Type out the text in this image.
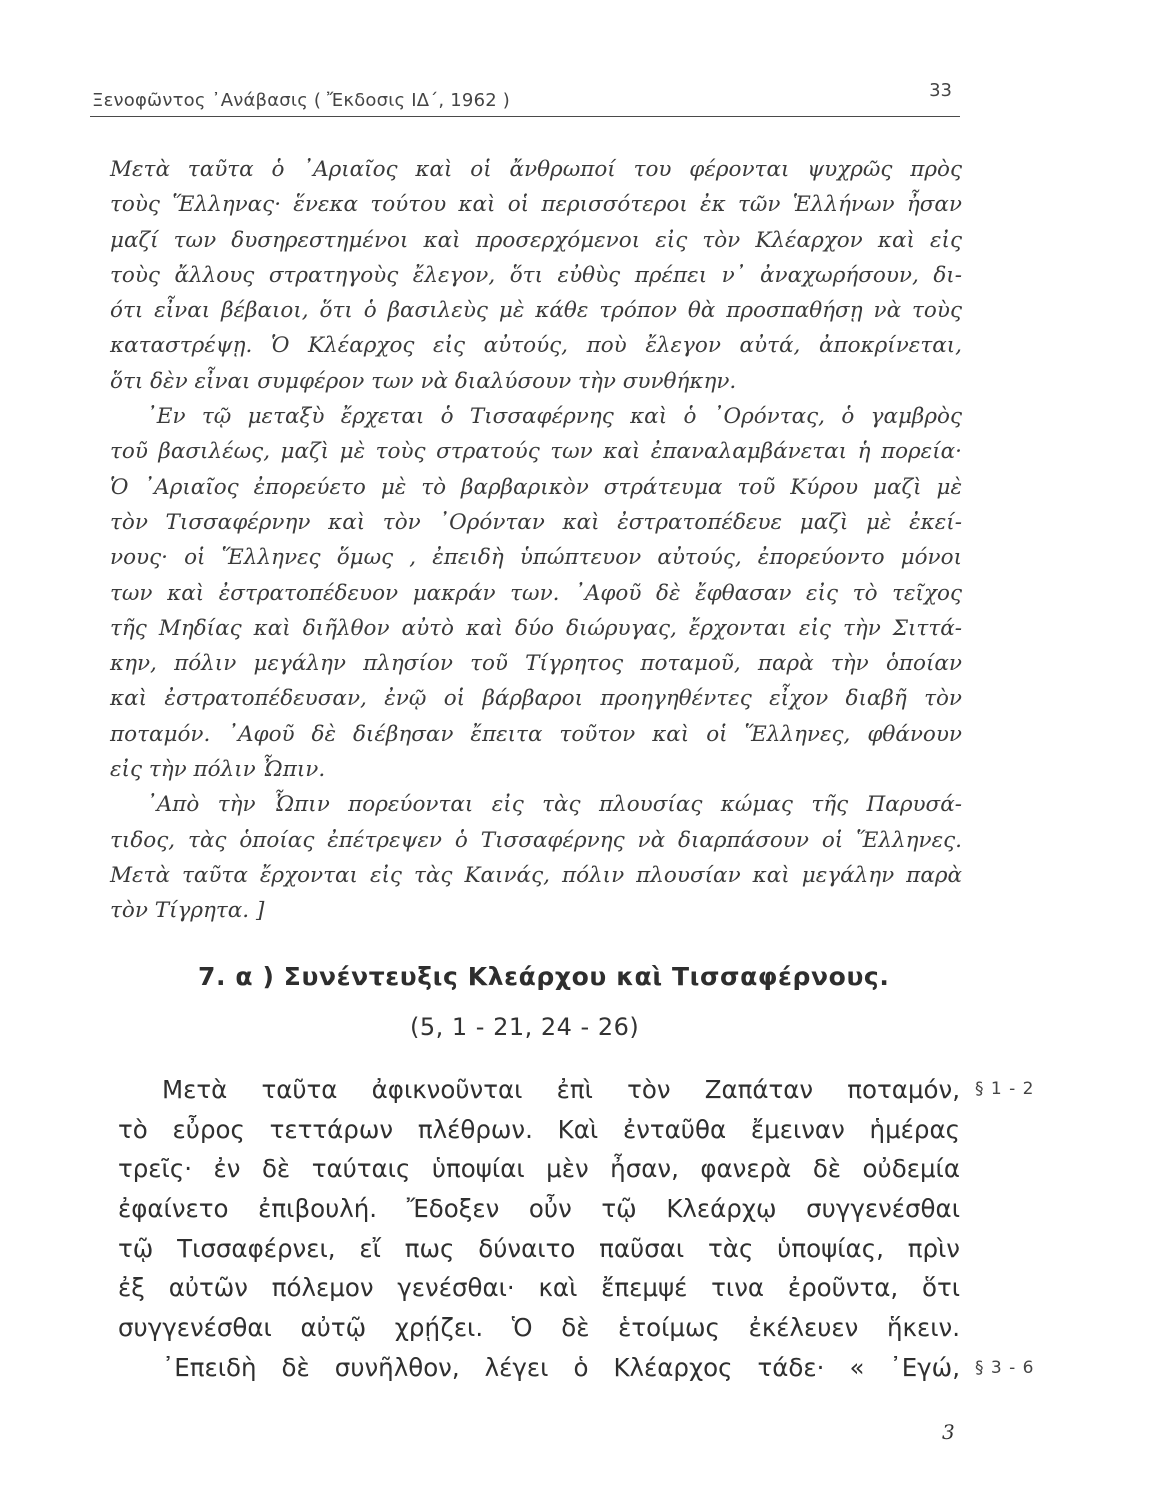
Ξενοφῶντος ᾿Ανάβασις ( Ἔκδοσις ΙΔ΄, 1962 )	33
Μετὰ ταῦτα ὁ ᾿Αριαῖος καὶ οἱ ἄνθρωποί του φέρονται ψυχρῶς πρὸς
τοὺς Ἕλληνας· ἕνεκα τούτου καὶ οἱ περισσότεροι ἐκ τῶν Ἑλλήνων ἦσαν
μαζί των δυσηρεστημένοι καὶ προσερχόμενοι εἰς τὸν Κλέαρχον καὶ εἰς
τοὺς ἄλλους στρατηγοὺς ἔλεγον, ὅτι εὐθὺς πρέπει ν᾿ ἀναχωρήσουν, δι-
ότι εἶναι βέβαιοι, ὅτι ὁ βασιλεὺς μὲ κάθε τρόπον θὰ προσπαθήσῃ νὰ τοὺς
καταστρέψῃ. Ὁ Κλέαρχος εἰς αὐτούς, ποὺ ἔλεγον αὐτά, ἀποκρίνεται,
ὅτι δὲν εἶναι συμφέρον των νὰ διαλύσουν τὴν συνθήκην.
᾿Εν τῷ μεταξὺ ἔρχεται ὁ Τισσαφέρνης καὶ ὁ ᾿Ορόντας, ὁ γαμβρὸς
τοῦ βασιλέως, μαζὶ μὲ τοὺς στρατούς των καὶ ἐπαναλαμβάνεται ἡ πορεία·
Ὁ ᾿Αριαῖος ἐπορεύετο μὲ τὸ βαρβαρικὸν στράτευμα τοῦ Κύρου μαζὶ μὲ
τὸν Τισσαφέρνην καὶ τὸν ᾿Ορόνταν καὶ ἐστρατοπέδευε μαζὶ μὲ ἐκεί-
νους· οἱ Ἕλληνες ὅμως , ἐπειδὴ ὑπώπτευον αὐτούς, ἐπορεύοντο μόνοι
των καὶ ἐστρατοπέδευον μακράν των. ᾿Αφοῦ δὲ ἔφθασαν εἰς τὸ τεῖχος
τῆς Μηδίας καὶ διῆλθον αὐτὸ καὶ δύο διώρυγας, ἔρχονται εἰς τὴν Σιττά-
κην, πόλιν μεγάλην πλησίον τοῦ Τίγρητος ποταμοῦ, παρὰ τὴν ὁποίαν
καὶ ἐστρατοπέδευσαν, ἐνῷ οἱ βάρβαροι προηγηθέντες εἶχον διαβῆ τὸν
ποταμόν. ᾿Αφοῦ δὲ διέβησαν ἔπειτα τοῦτον καὶ οἱ Ἕλληνες, φθάνουν
εἰς τὴν πόλιν Ὦπιν.
᾿Απὸ τὴν Ὦπιν πορεύονται εἰς τὰς πλουσίας κώμας τῆς Παρυσά-
τιδος, τὰς ὁποίας ἐπέτρεψεν ὁ Τισσαφέρνης νὰ διαρπάσουν οἱ Ἕλληνες.
Μετὰ ταῦτα ἔρχονται εἰς τὰς Καινάς, πόλιν πλουσίαν καὶ μεγάλην παρὰ
τὸν Τίγρητα. ]
7. α ) Συνέντευξις Κλεάρχου καὶ Τισσαφέρνους.
(5, 1 - 21, 24 - 26)
Μετὰ ταῦτα ἀφικνοῦνται ἐπὶ τὸν Ζαπάταν ποταμόν,
τὸ εὖρος τεττάρων πλέθρων. Καὶ ἐνταῦθα ἔμειναν ἡμέρας
τρεῖς· ἐν δὲ ταύταις ὑποψίαι μὲν ἦσαν, φανερὰ δὲ οὐδεμία
ἐφαίνετο ἐπιβουλή. Ἔδοξεν οὖν τῷ Κλεάρχῳ συγγενέσθαι
τῷ Τισσαφέρνει, εἴ πως δύναιτο παῦσαι τὰς ὑποψίας, πρὶν
ἐξ αὐτῶν πόλεμον γενέσθαι· καὶ ἔπεμψέ τινα ἐροῦντα, ὅτι
συγγενέσθαι αὐτῷ χρῄζει. Ὁ δὲ ἑτοίμως ἐκέλευεν ἥκειν.
᾿Επειδὴ δὲ συνῆλθον, λέγει ὁ Κλέαρχος τάδε· « ᾿Εγώ,
§ 1 - 2
§ 3 - 6
3
